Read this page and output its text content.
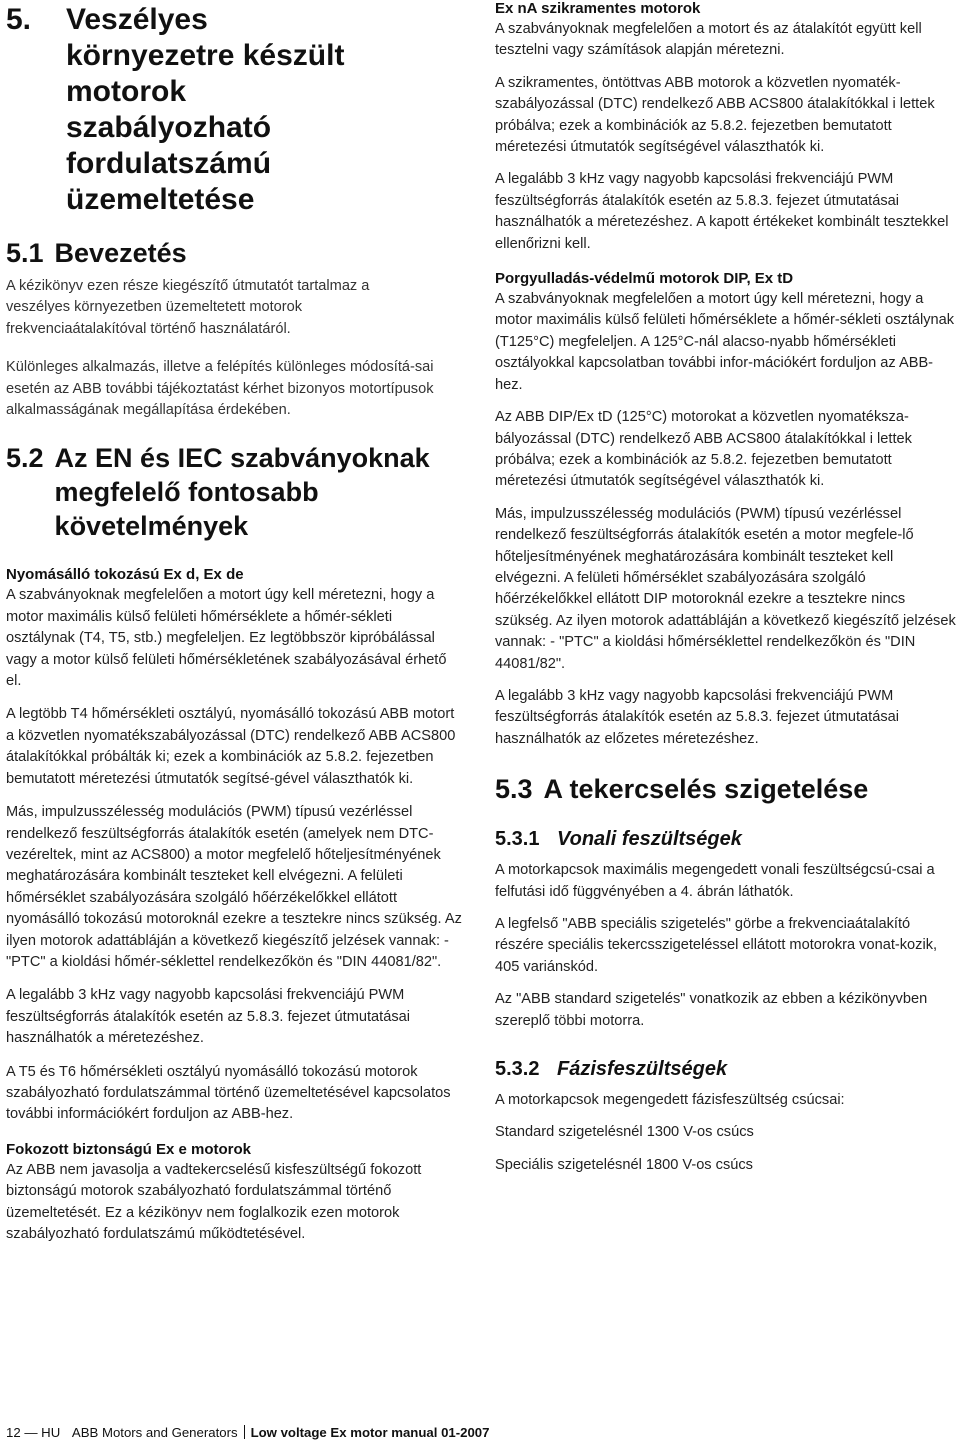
5.	Veszélyes környezetre készült motorok szabályozható fordulatszámú üzemeltetése
5.1 Bevezetés

A kézikönyv ezen része kiegészítő útmutatót tartalmaz a veszélyes környezetben üzemeltetett motorok frekvenciaátalakítóval történő használatáról.

Különleges alkalmazás, illetve a felépítés különleges módosítá-sai esetén az ABB további tájékoztatást kérhet bizonyos motortípusok alkalmasságának megállapítása érdekében.

5.2 Az EN és IEC szabványoknak megfelelő fontosabb követelmények

Nyomásálló tokozású Ex d, Ex de

A szabványoknak megfelelően a motort úgy kell méretezni, hogy a motor maximális külső felületi hőmérséklete a hőmér-sékleti osztálynak (T4, T5, stb.) megfeleljen. Ez legtöbbször kipróbálással vagy a motor külső felületi hőmérsékletének szabályozásával érhető el.

A legtöbb T4 hőmérsékleti osztályú, nyomásálló tokozású ABB motort a közvetlen nyomatékszabályozással (DTC) rendelkező ABB ACS800 átalakítókkal próbálták ki; ezek a kombinációk az 5.8.2. fejezetben bemutatott méretezési útmutatók segítsé-gével választhatók ki.

Más, impulzusszélesség modulációs (PWM) típusú vezérléssel rendelkező feszültségforrás átalakítók esetén (amelyek nem DTC-vezéreltek, mint az ACS800) a motor megfelelő hőteljesítményének meghatározására kombinált teszteket kell elvégezni. A felületi hőmérséklet szabályozására szolgáló hőérzékelőkkel ellátott nyomásálló tokozású motoroknál ezekre a tesztekre nincs szükség. Az ilyen motorok adattábláján a következő kiegészítő jelzések vannak: - "PTC" a kioldási hőmér-séklettel rendelkezőkön és "DIN 44081/82".

A legalább 3 kHz vagy nagyobb kapcsolási frekvenciájú PWM feszültségforrás átalakítók esetén az 5.8.3. fejezet útmutatásai használhatók a méretezéshez.

A T5 és T6 hőmérsékleti osztályú nyomásálló tokozású motorok szabályozható fordulatszámmal történő üzemeltetésével kapcsolatos további információkért forduljon az ABB-hez.

Fokozott biztonságú Ex e motorok

Az ABB nem javasolja a vadtekercselésű kisfeszültségű fokozott biztonságú motorok szabályozható fordulatszámmal történő üzemeltetését. Ez a kézikönyv nem foglalkozik ezen motorok szabályozható fordulatszámú működtetésével.

Ex nA szikramentes motorok

A szabványoknak megfelelően a motort és az átalakítót együtt kell tesztelni vagy számítások alapján méretezni.

A szikramentes, öntöttvas ABB motorok a közvetlen nyomaték-szabályozással (DTC) rendelkező ABB ACS800 átalakítókkal i lettek próbálva; ezek a kombinációk az 5.8.2. fejezetben bemutatott méretezési útmutatók segítségével választhatók ki.

A legalább 3 kHz vagy nagyobb kapcsolási frekvenciájú PWM feszültségforrás átalakítók esetén az 5.8.3. fejezet útmutatásai használhatók a méretezéshez. A kapott értékeket kombinált tesztekkel ellenőrizni kell.

Porgyulladás-védelmű motorok DIP, Ex tD

A szabványoknak megfelelően a motort úgy kell méretezni, hogy a motor maximális külső felületi hőmérséklete a hőmér-sékleti osztálynak (T125°C) megfeleljen. A 125°C-nál alacso-nyabb hőmérsékleti osztályokkal kapcsolatban további infor-mációkért forduljon az ABB-hez.

Az ABB DIP/Ex tD (125°C) motorokat a közvetlen nyomatéksza-bályozással (DTC) rendelkező ABB ACS800 átalakítókkal i lettek próbálva; ezek a kombinációk az 5.8.2. fejezetben bemutatott méretezési útmutatók segítségével választhatók ki.

Más, impulzusszélesség modulációs (PWM) típusú vezérléssel rendelkező feszültségforrás átalakítók esetén a motor megfele-lő hőteljesítményének meghatározására kombinált teszteket kell elvégezni. A felületi hőmérséklet szabályozására szolgáló hőérzékelőkkel ellátott DIP motoroknál ezekre a tesztekre nincs szükség. Az ilyen motorok adattábláján a következő kiegészítő jelzések vannak: - "PTC" a kioldási hőmérséklettel rendelkezőkön és "DIN 44081/82".

A legalább 3 kHz vagy nagyobb kapcsolási frekvenciájú PWM feszültségforrás átalakítók esetén az 5.8.3. fejezet útmutatásai használhatók az előzetes méretezéshez.

5.3 A tekercselés szigetelése
5.3.1 Vonali feszültségek

A motorkapcsok maximális megengedett vonali feszültségcsú-csai a felfutási idő függvényében a 4. ábrán láthatók.

A legfelső "ABB speciális szigetelés" görbe a frekvenciaátalakító részére speciális tekercsszigeteléssel ellátott motorokra vonat-kozik, 405 variánskód.

Az "ABB standard szigetelés" vonatkozik az ebben a kézikönyvben szereplő többi motorra.

5.3.2 Fázisfeszültségek

A motorkapcsok megengedett fázisfeszültség csúcsai:

Standard szigetelésnél 1300 V-os csúcs

Speciális szigetelésnél 1800 V-os csúcs

12 — HU ABB Motors and Generators Low voltage Ex motor manual 01-2007
